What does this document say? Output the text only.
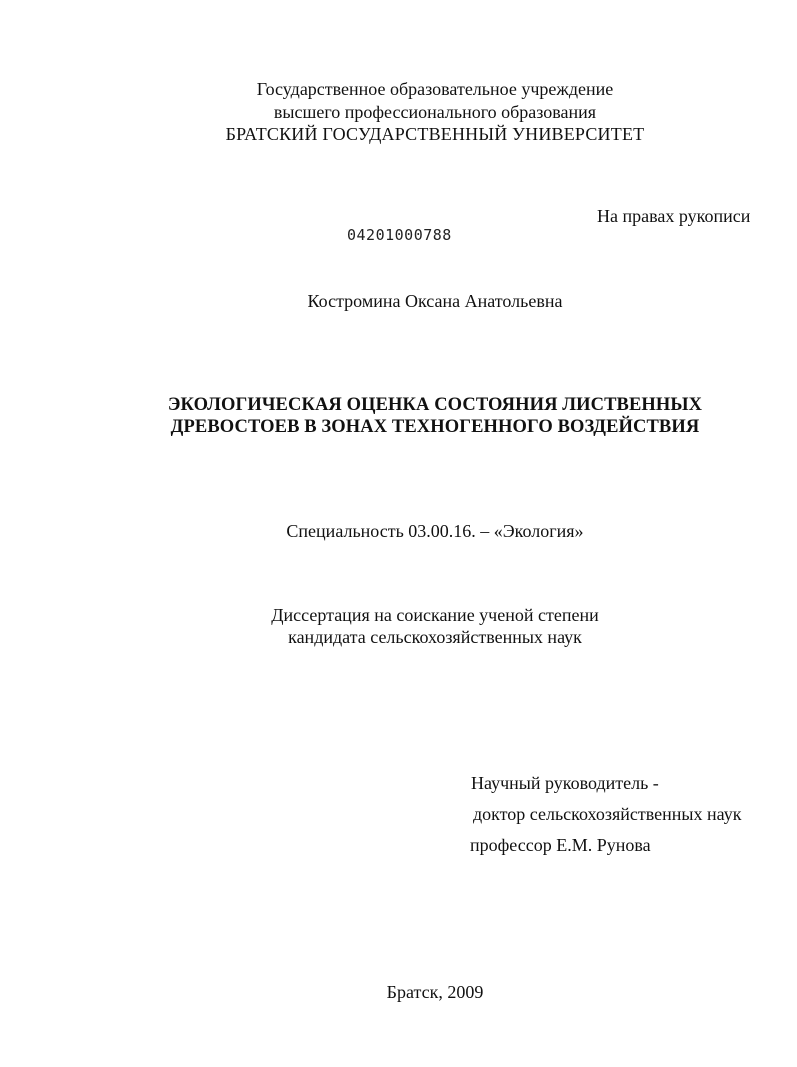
Государственное образовательное учреждение
высшего профессионального образования
БРАТСКИЙ ГОСУДАРСТВЕННЫЙ УНИВЕРСИТЕТ
На правах рукописи
04201000788
Костромина Оксана Анатольевна
ЭКОЛОГИЧЕСКАЯ ОЦЕНКА СОСТОЯНИЯ ЛИСТВЕННЫХ
ДРЕВОСТОЕВ В ЗОНАХ ТЕХНОГЕННОГО ВОЗДЕЙСТВИЯ
Специальность 03.00.16. – «Экология»
Диссертация на соискание ученой степени
кандидата сельскохозяйственных наук
Научный руководитель -
доктор сельскохозяйственных наук
профессор Е.М. Рунова
Братск, 2009
